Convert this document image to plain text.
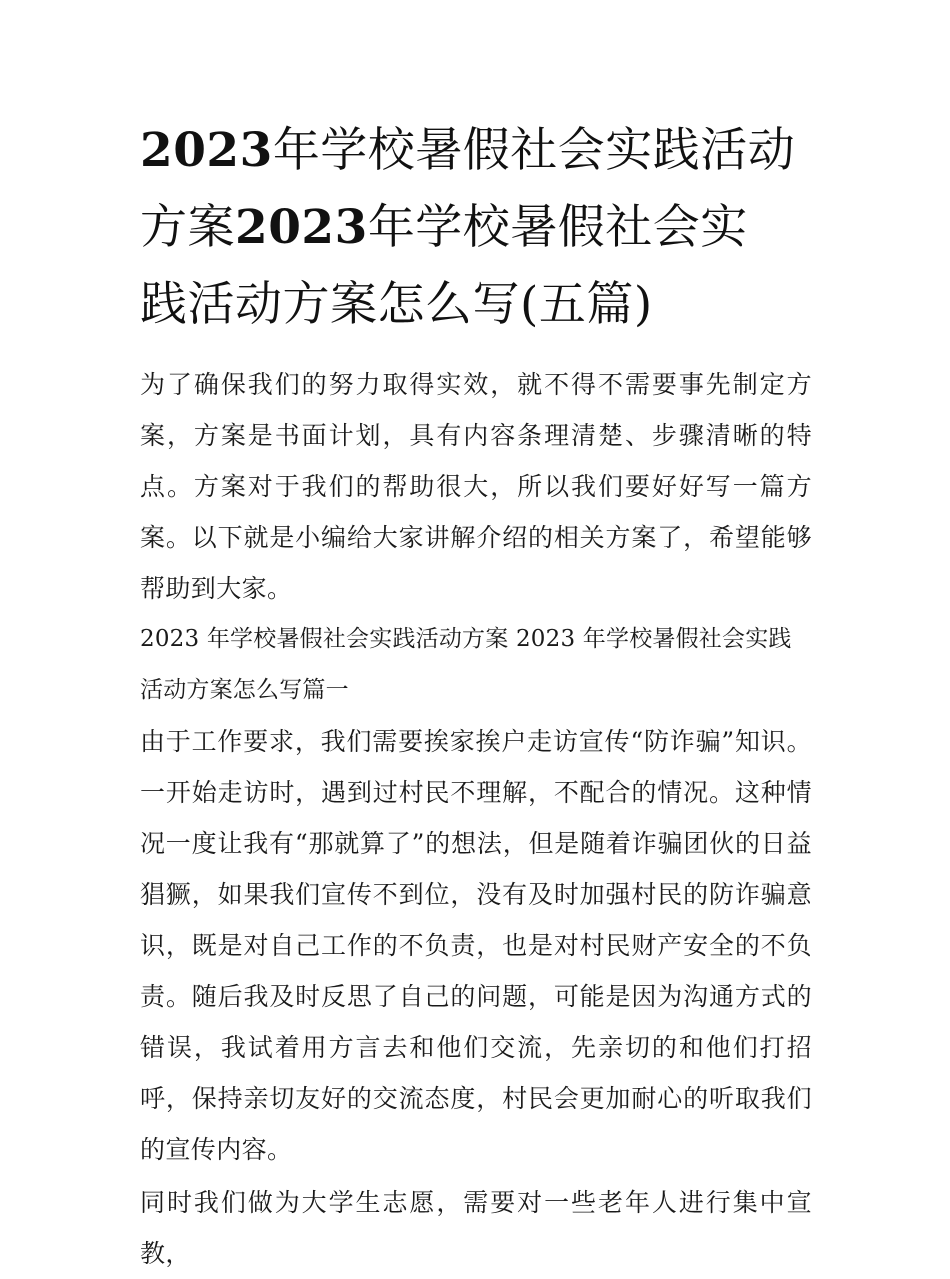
2023年学校暑假社会实践活动
方案2023年学校暑假社会实
践活动方案怎么写(五篇)

为了确保我们的努力取得实效，就不得不需要事先制定方案，方案是书面计划，具有内容条理清楚、步骤清晰的特点。方案对于我们的帮助很大，所以我们要好好写一篇方案。以下就是小编给大家讲解介绍的相关方案了，希望能够帮助到大家。

2023 年学校暑假社会实践活动方案 2023 年学校暑假社会实践活动方案怎么写篇一

由于工作要求，我们需要挨家挨户走访宣传“防诈骗”知识。一开始走访时，遇到过村民不理解，不配合的情况。这种情况一度让我有“那就算了”的想法，但是随着诈骗团伙的日益猖獗，如果我们宣传不到位，没有及时加强村民的防诈骗意识，既是对自己工作的不负责，也是对村民财产安全的不负责。随后我及时反思了自己的问题，可能是因为沟通方式的错误，我试着用方言去和他们交流，先亲切的和他们打招呼，保持亲切友好的交流态度，村民会更加耐心的听取我们的宣传内容。

同时我们做为大学生志愿，需要对一些老年人进行集中宣教，
